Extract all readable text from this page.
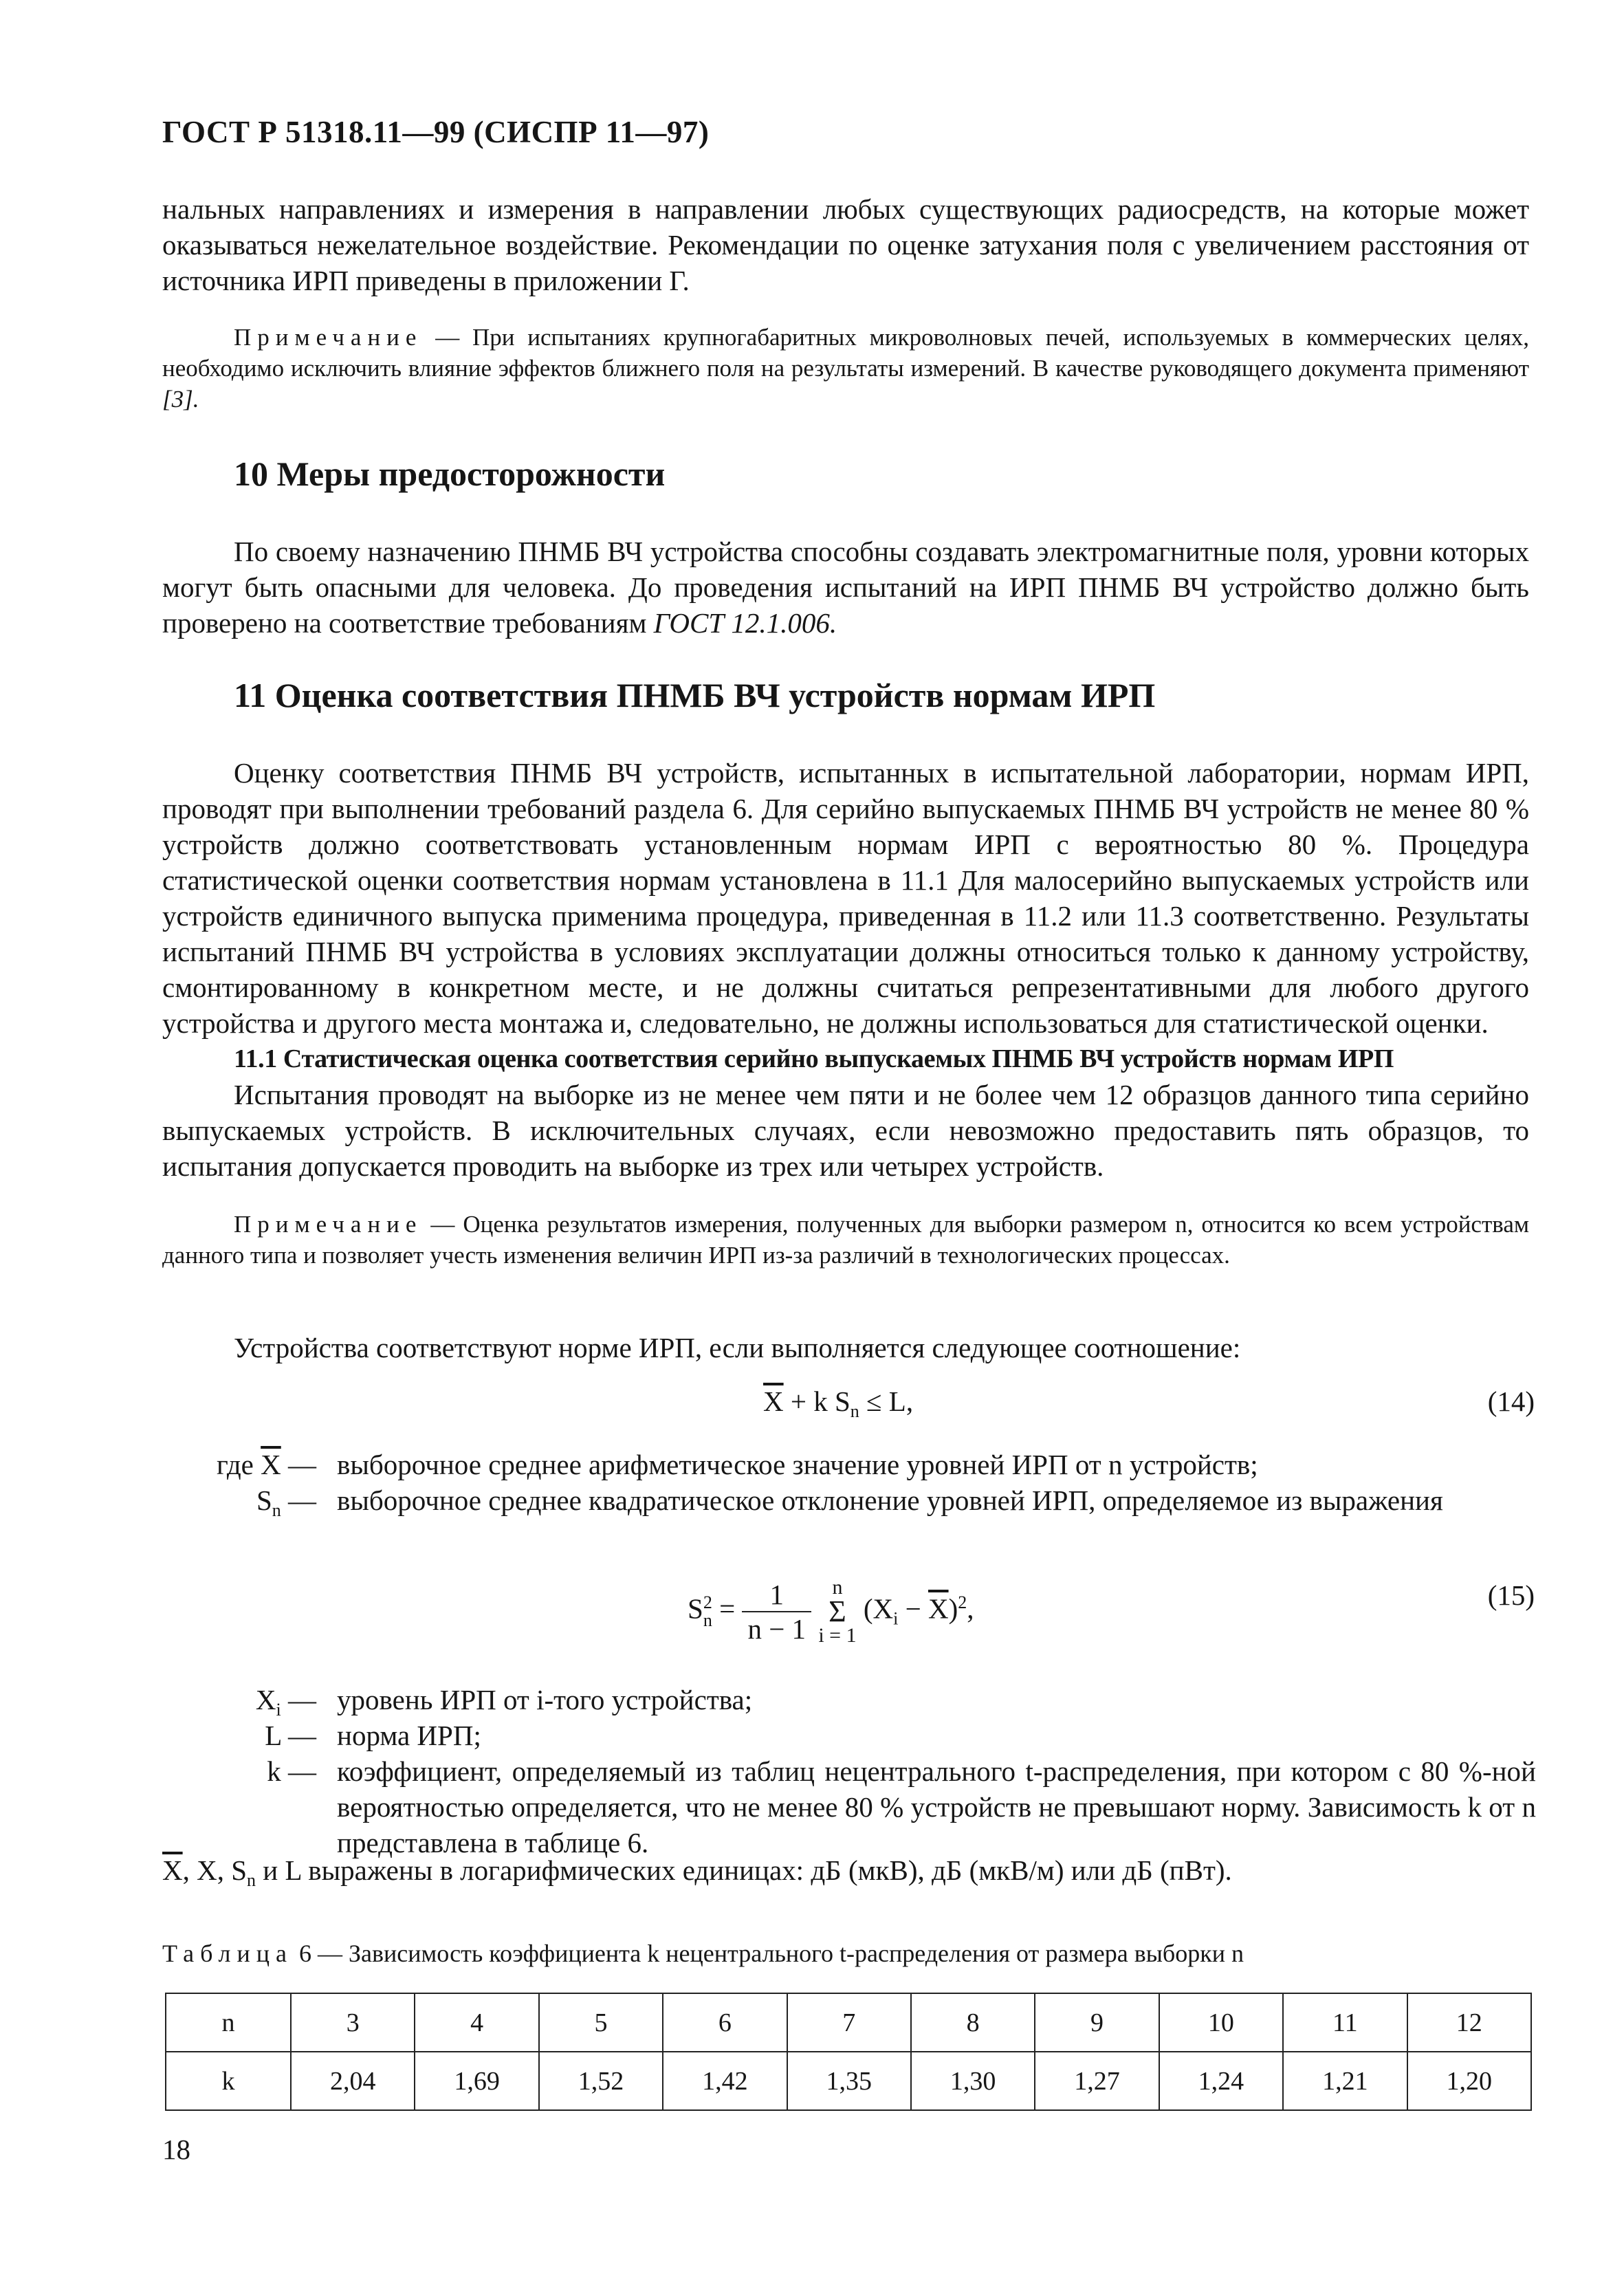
ГОСТ Р 51318.11—99 (СИСПР 11—97)
нальных направлениях и измерения в направлении любых существующих радиосредств, на которые может оказываться нежелательное воздействие. Рекомендации по оценке затухания поля с увеличением расстояния от источника ИРП приведены в приложении Г.
Примечание — При испытаниях крупногабаритных микроволновых печей, используемых в коммерческих целях, необходимо исключить влияние эффектов ближнего поля на результаты измерений. В качестве руководящего документа применяют [3].
10 Меры предосторожности
По своему назначению ПНМБ ВЧ устройства способны создавать электромагнитные поля, уровни которых могут быть опасными для человека. До проведения испытаний на ИРП ПНМБ ВЧ устройство должно быть проверено на соответствие требованиям ГОСТ 12.1.006.
11 Оценка соответствия ПНМБ ВЧ устройств нормам ИРП
Оценку соответствия ПНМБ ВЧ устройств, испытанных в испытательной лаборатории, нормам ИРП, проводят при выполнении требований раздела 6. Для серийно выпускаемых ПНМБ ВЧ устройств не менее 80 % устройств должно соответствовать установленным нормам ИРП с вероятностью 80 %. Процедура статистической оценки соответствия нормам установлена в 11.1 Для малосерийно выпускаемых устройств или устройств единичного выпуска применима процедура, приведенная в 11.2 или 11.3 соответственно. Результаты испытаний ПНМБ ВЧ устройства в условиях эксплуатации должны относиться только к данному устройству, смонтированному в конкретном месте, и не должны считаться репрезентативными для любого другого устройства и другого места монтажа и, следовательно, не должны использоваться для статистической оценки.
11.1 Статистическая оценка соответствия серийно выпускаемых ПНМБ ВЧ устройств нормам ИРП
Испытания проводят на выборке из не менее чем пяти и не более чем 12 образцов данного типа серийно выпускаемых устройств. В исключительных случаях, если невозможно предоставить пять образцов, то испытания допускается проводить на выборке из трех или четырех устройств.
Примечание — Оценка результатов измерения, полученных для выборки размером n, относится ко всем устройствам данного типа и позволяет учесть изменения величин ИРП из-за различий в технологических процессах.
Устройства соответствуют норме ИРП, если выполняется следующее соотношение:
$\overline{X} + k$ $S_n \le L$,	(14)
где $\overline{X}$ — выборочное среднее арифметическое значение уровней ИРП от n устройств;
$S_n$ — выборочное среднее квадратическое отклонение уровней ИРП, определяемое из выражения
S 2
$n = \frac{1}{n - 1}$
	n
Σ
i = 1
$(X_i - \overline{X})^2$,	(15)
$X_i$ — уровень ИРП от i-того устройства;
L — норма ИРП;
k — коэффициент, определяемый из таблиц нецентрального t-распределения, при котором с 80 %-ной вероятностью определяется, что не менее 80 % устройств не превышают норму. Зависимость k от n представлена в таблице 6.
$\overline{X}$, X, $S_n$ и L выражены в логарифмических единицах: дБ (мкВ), дБ (мкВ/м) или дБ (пВт).
Таблица 6 — Зависимость коэффициента k нецентрального t-распределения от размера выборки n
n	3	4	5	6	7	8	9	10	11	12
k	2,04	1,69	1,52	1,42	1,35	1,30	1,27	1,24	1,21	1,20
18
